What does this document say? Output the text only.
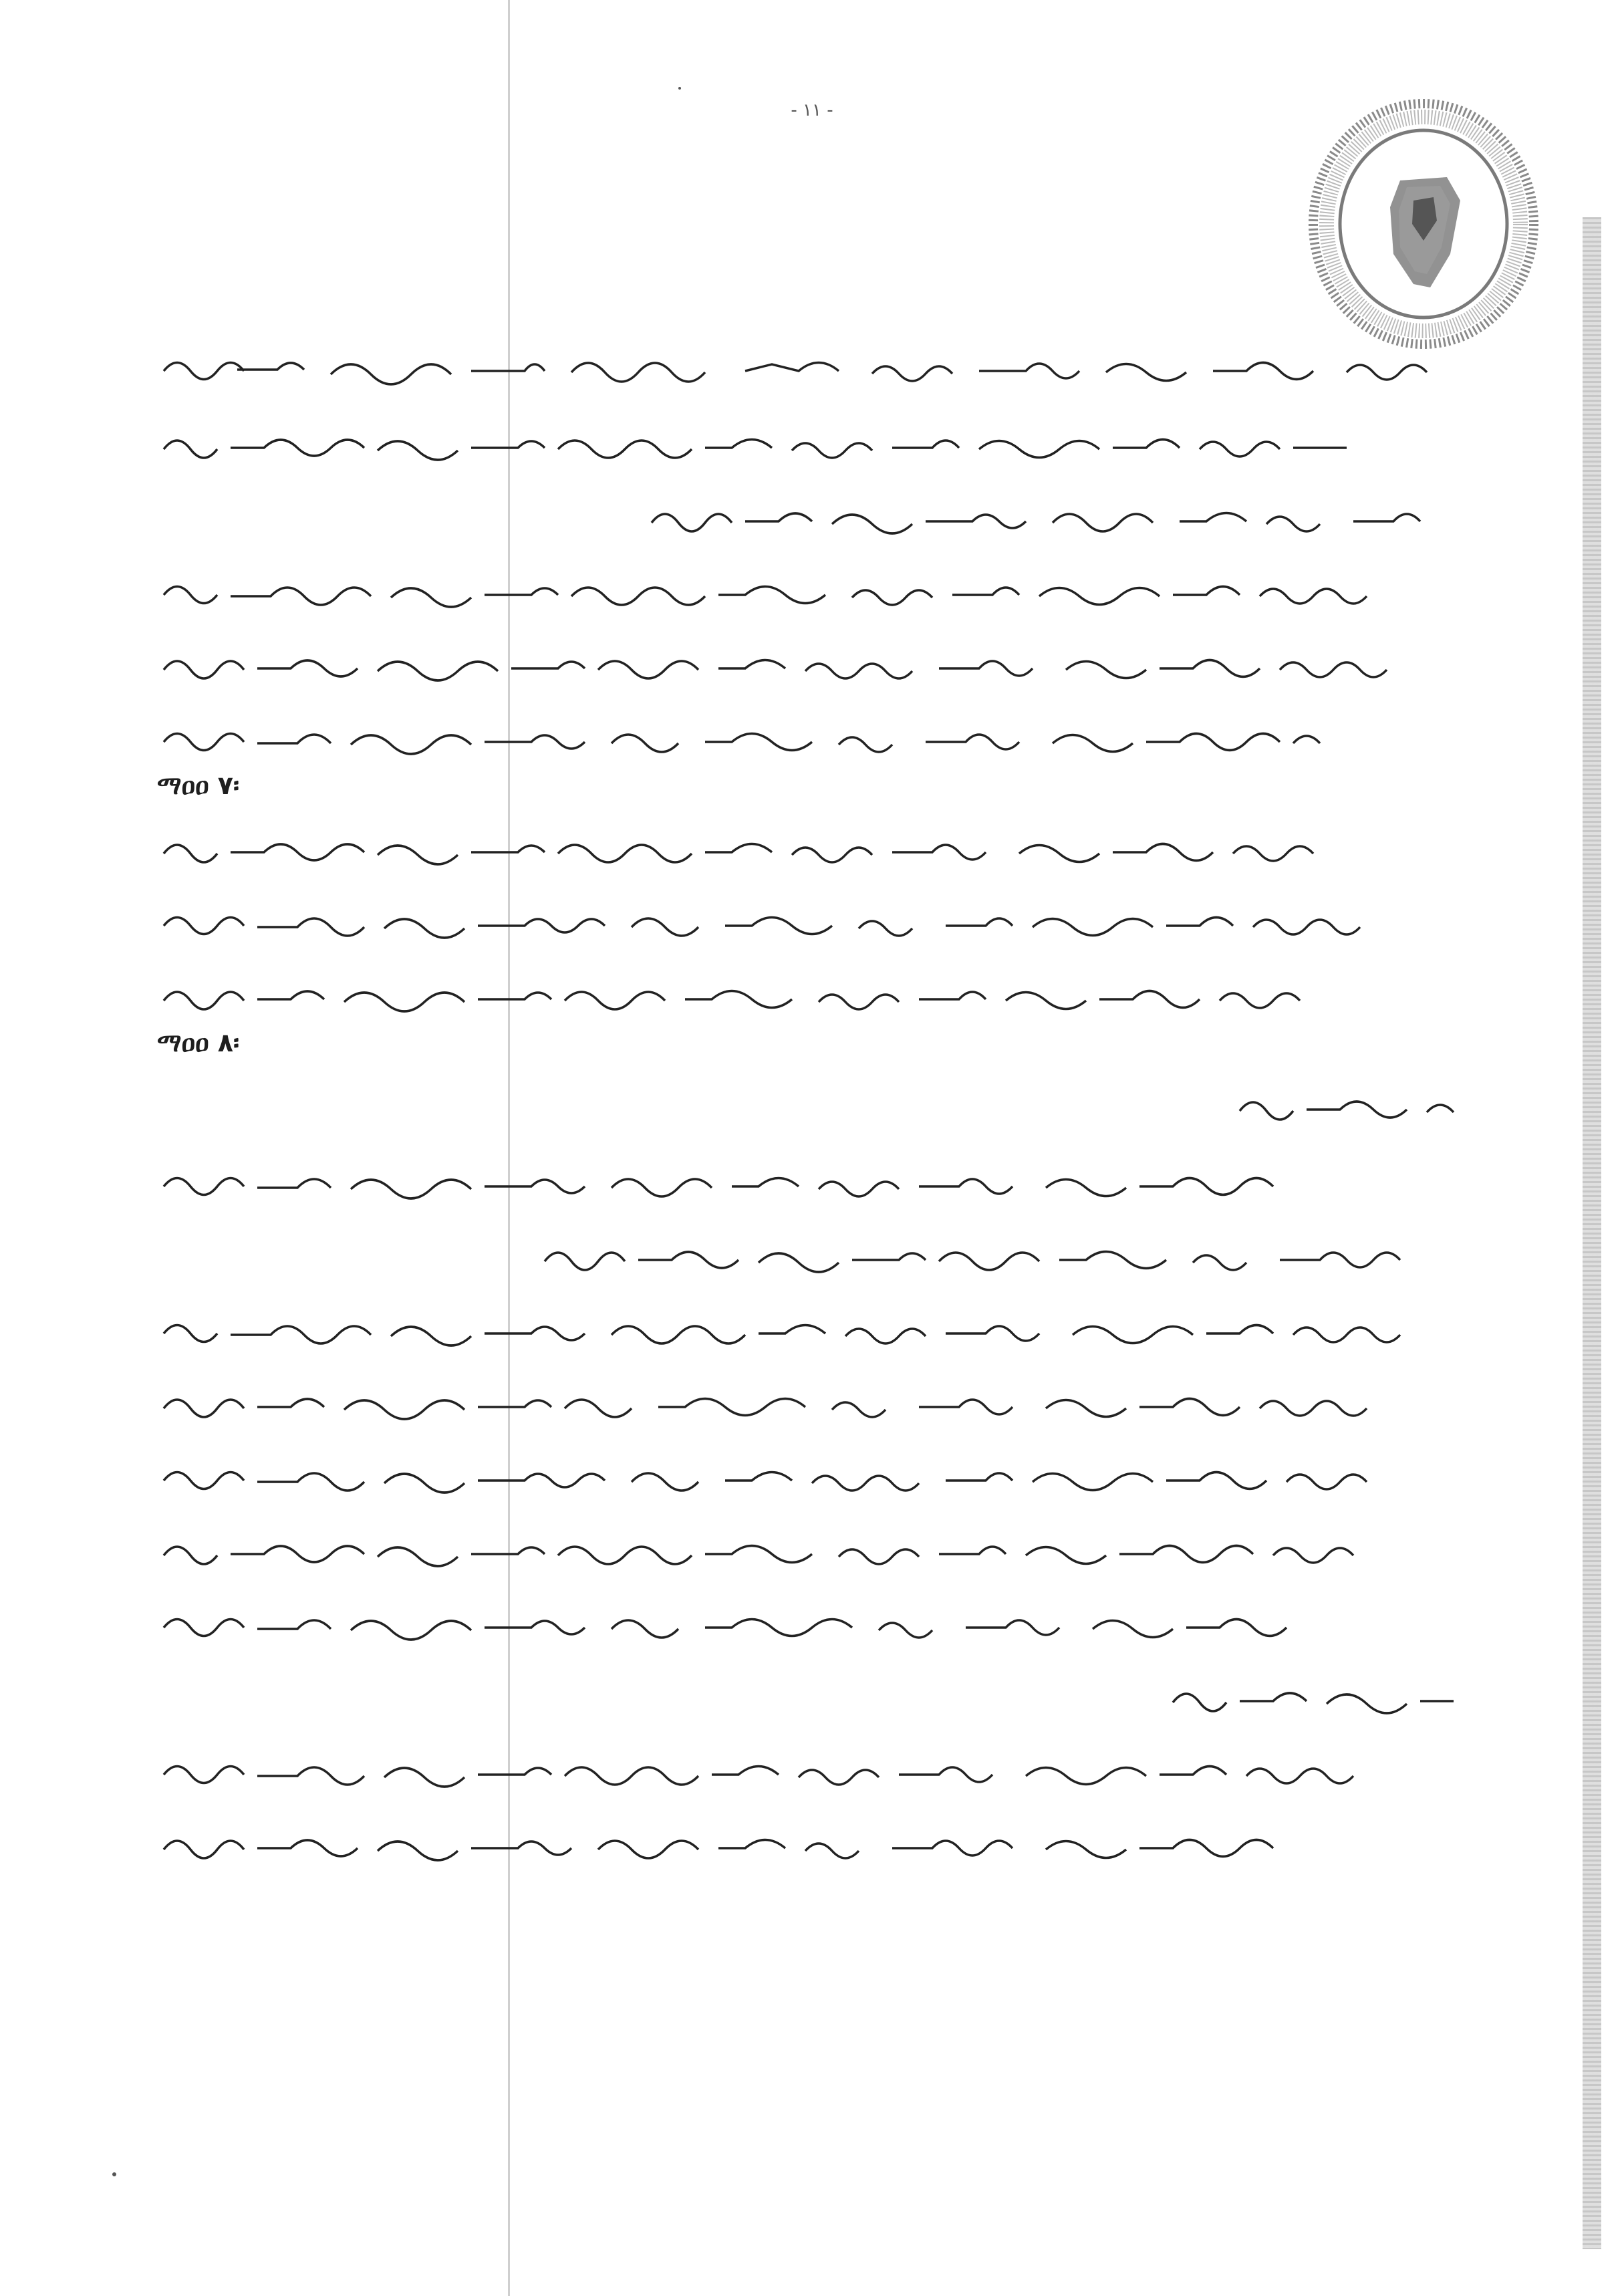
- ١١ -
ማዐዐ ٧፡
ማዐዐ ٨፡
